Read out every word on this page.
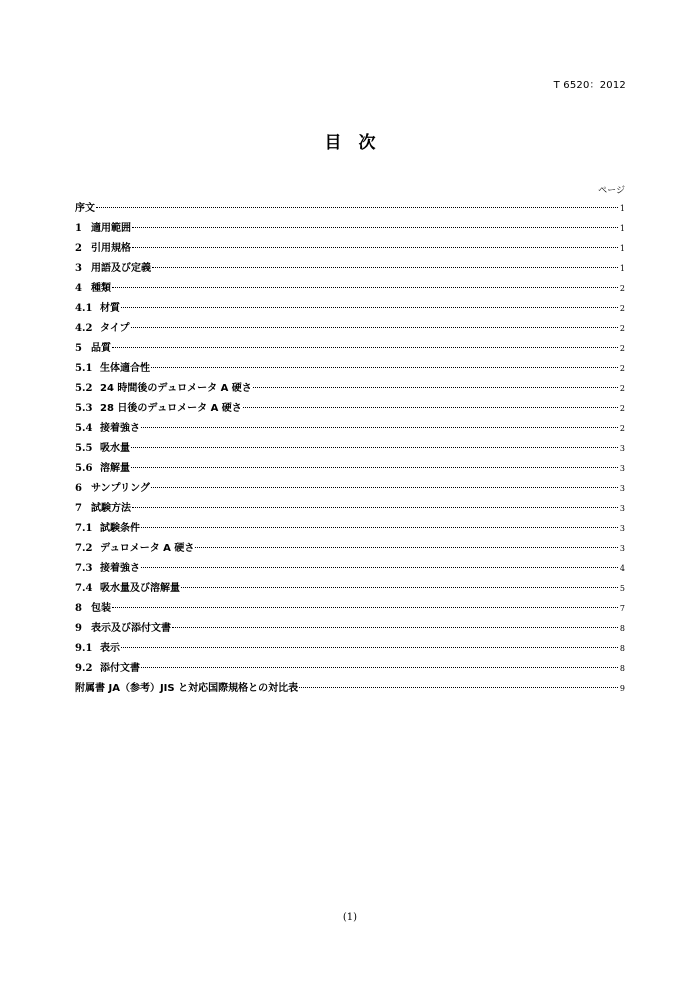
T 6520：2012
目　次
ページ
序文	1
1 適用範囲	1
2 引用規格	1
3 用語及び定義	1
4 種類	2
4.1 材質	2
4.2 タイプ	2
5 品質	2
5.1 生体適合性	2
5.2 24 時間後のデュロメータ A 硬さ	2
5.3 28 日後のデュロメータ A 硬さ	2
5.4 接着強さ	2
5.5 吸水量	3
5.6 溶解量	3
6 サンプリング	3
7 試験方法	3
7.1 試験条件	3
7.2 デュロメータ A 硬さ	3
7.3 接着強さ	4
7.4 吸水量及び溶解量	5
8 包装	7
9 表示及び添付文書	8
9.1 表示	8
9.2 添付文書	8
附属書 JA（参考）JIS と対応国際規格との対比表	9
(1)
